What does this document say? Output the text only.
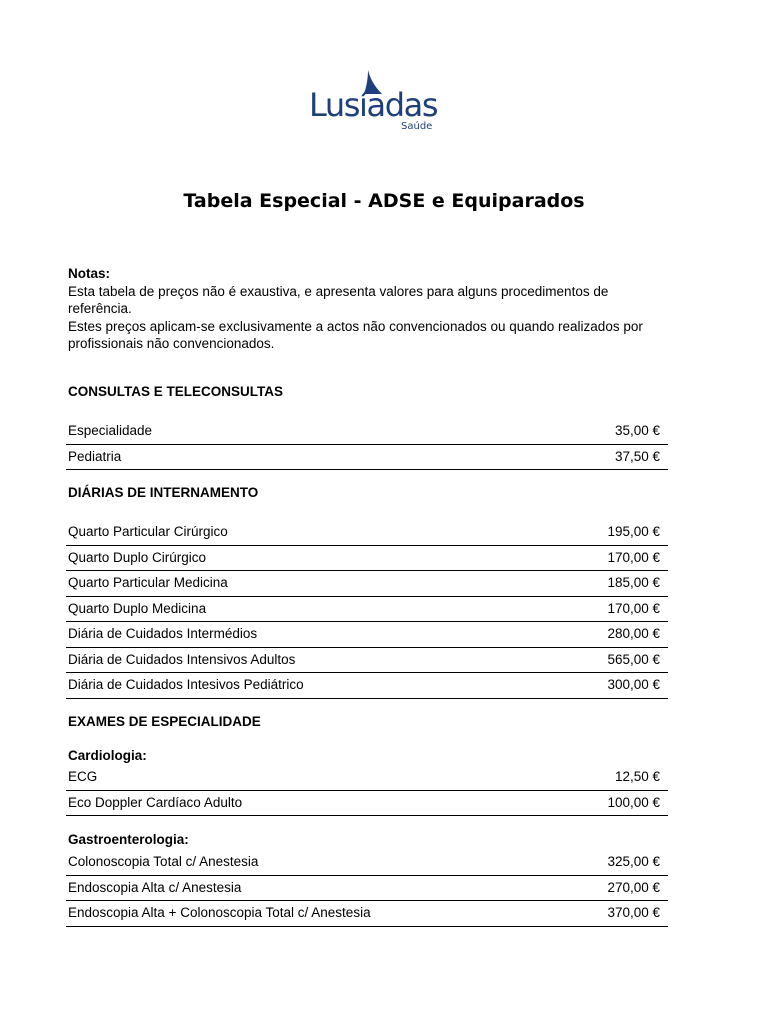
Lusíadas
Saúde
Tabela Especial - ADSE e Equiparados
Notas:
Esta tabela de preços não é exaustiva, e apresenta valores para alguns procedimentos de referência.
Estes preços aplicam-se exclusivamente a actos não convencionados ou quando realizados por profissionais não convencionados.
CONSULTAS E TELECONSULTAS
Especialidade	35,00 €
Pediatria	37,50 €
DIÁRIAS DE INTERNAMENTO
Quarto Particular Cirúrgico	195,00 €
Quarto Duplo Cirúrgico	170,00 €
Quarto Particular Medicina	185,00 €
Quarto Duplo Medicina	170,00 €
Diária de Cuidados Intermédios	280,00 €
Diária de Cuidados Intensivos Adultos	565,00 €
Diária de Cuidados Intesivos Pediátrico	300,00 €
EXAMES DE ESPECIALIDADE
Cardiologia:
ECG	12,50 €
Eco Doppler Cardíaco Adulto	100,00 €
Gastroenterologia:
Colonoscopia Total c/ Anestesia	325,00 €
Endoscopia Alta c/ Anestesia	270,00 €
Endoscopia Alta + Colonoscopia Total c/ Anestesia	370,00 €
